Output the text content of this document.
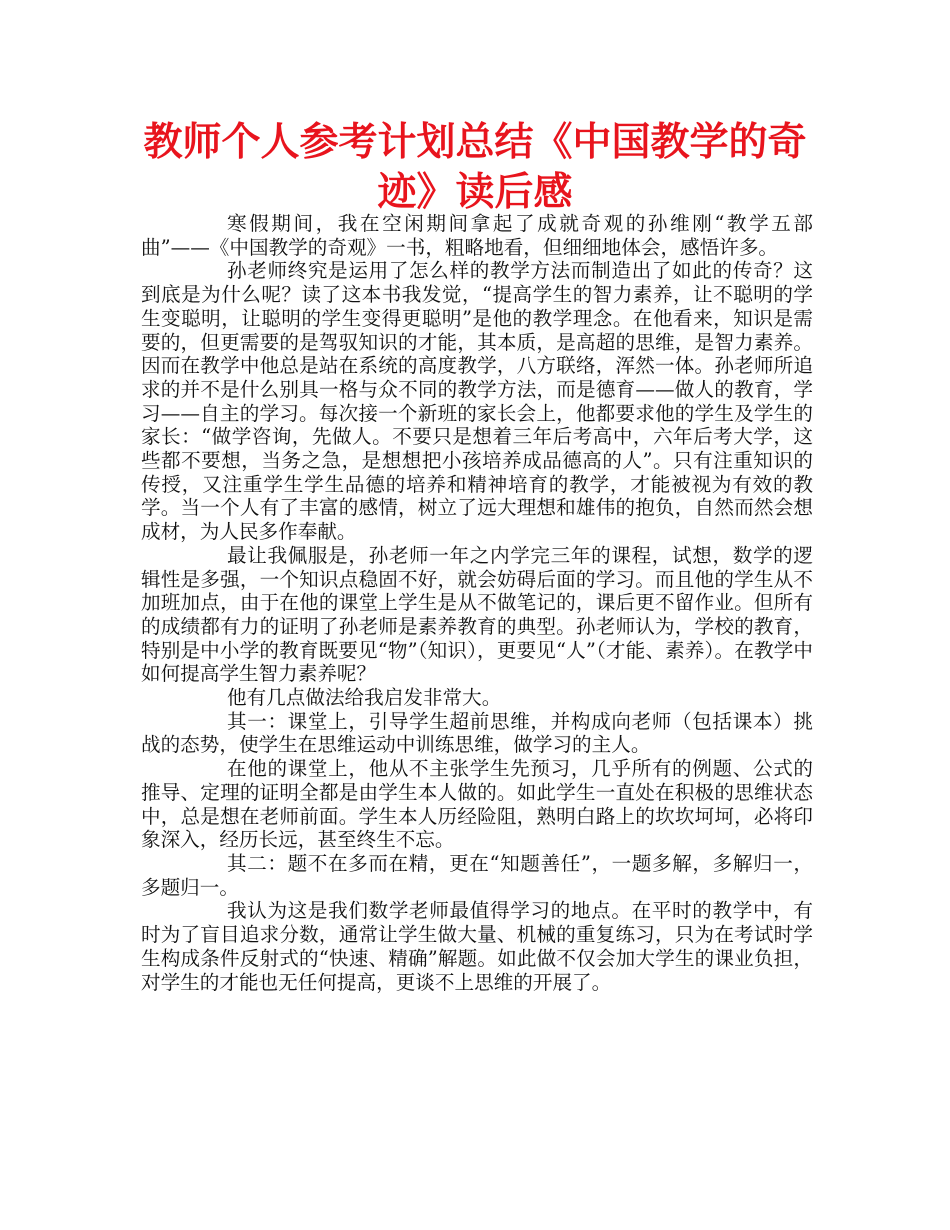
教师个人参考计划总结《中国教学的奇迹》读后感

寒假期间，我在空闲期间拿起了成就奇观的孙维刚“教学五部曲”——《中国教学的奇观》一书，粗略地看，但细细地体会，感悟许多。

孙老师终究是运用了怎么样的教学方法而制造出了如此的传奇？这到底是为什么呢？读了这本书我发觉，“提高学生的智力素养，让不聪明的学生变聪明，让聪明的学生变得更聪明”是他的教学理念。在他看来，知识是需要的，但更需要的是驾驭知识的才能，其本质，是高超的思维，是智力素养。因而在教学中他总是站在系统的高度教学，八方联络，浑然一体。孙老师所追求的并不是什么别具一格与众不同的教学方法，而是德育——做人的教育，学习——自主的学习。每次接一个新班的家长会上，他都要求他的学生及学生的家长：“做学咨询，先做人。不要只是想着三年后考高中，六年后考大学，这些都不要想，当务之急，是想想把小孩培养成品德高的人”。只有注重知识的传授，又注重学生学生品德的培养和精神培育的教学，才能被视为有效的教学。当一个人有了丰富的感情，树立了远大理想和雄伟的抱负，自然而然会想成材，为人民多作奉献。

最让我佩服是，孙老师一年之内学完三年的课程，试想，数学的逻辑性是多强，一个知识点稳固不好，就会妨碍后面的学习。而且他的学生从不加班加点，由于在他的课堂上学生是从不做笔记的，课后更不留作业。但所有的成绩都有力的证明了孙老师是素养教育的典型。孙老师认为，学校的教育，特别是中小学的教育既要见“物”（知识），更要见“人”（才能、素养）。在教学中如何提高学生智力素养呢？

他有几点做法给我启发非常大。

其一：课堂上，引导学生超前思维，并构成向老师（包括课本）挑战的态势，使学生在思维运动中训练思维，做学习的主人。

在他的课堂上，他从不主张学生先预习，几乎所有的例题、公式的推导、定理的证明全都是由学生本人做的。如此学生一直处在积极的思维状态中，总是想在老师前面。学生本人历经险阻，熟明白路上的坎坎坷坷，必将印象深入，经历长远，甚至终生不忘。

其二：题不在多而在精，更在“知题善任”，一题多解，多解归一，多题归一。

我认为这是我们数学老师最值得学习的地点。在平时的教学中，有时为了盲目追求分数，通常让学生做大量、机械的重复练习，只为在考试时学生构成条件反射式的“快速、精确”解题。如此做不仅会加大学生的课业负担，对学生的才能也无任何提高，更谈不上思维的开展了。
